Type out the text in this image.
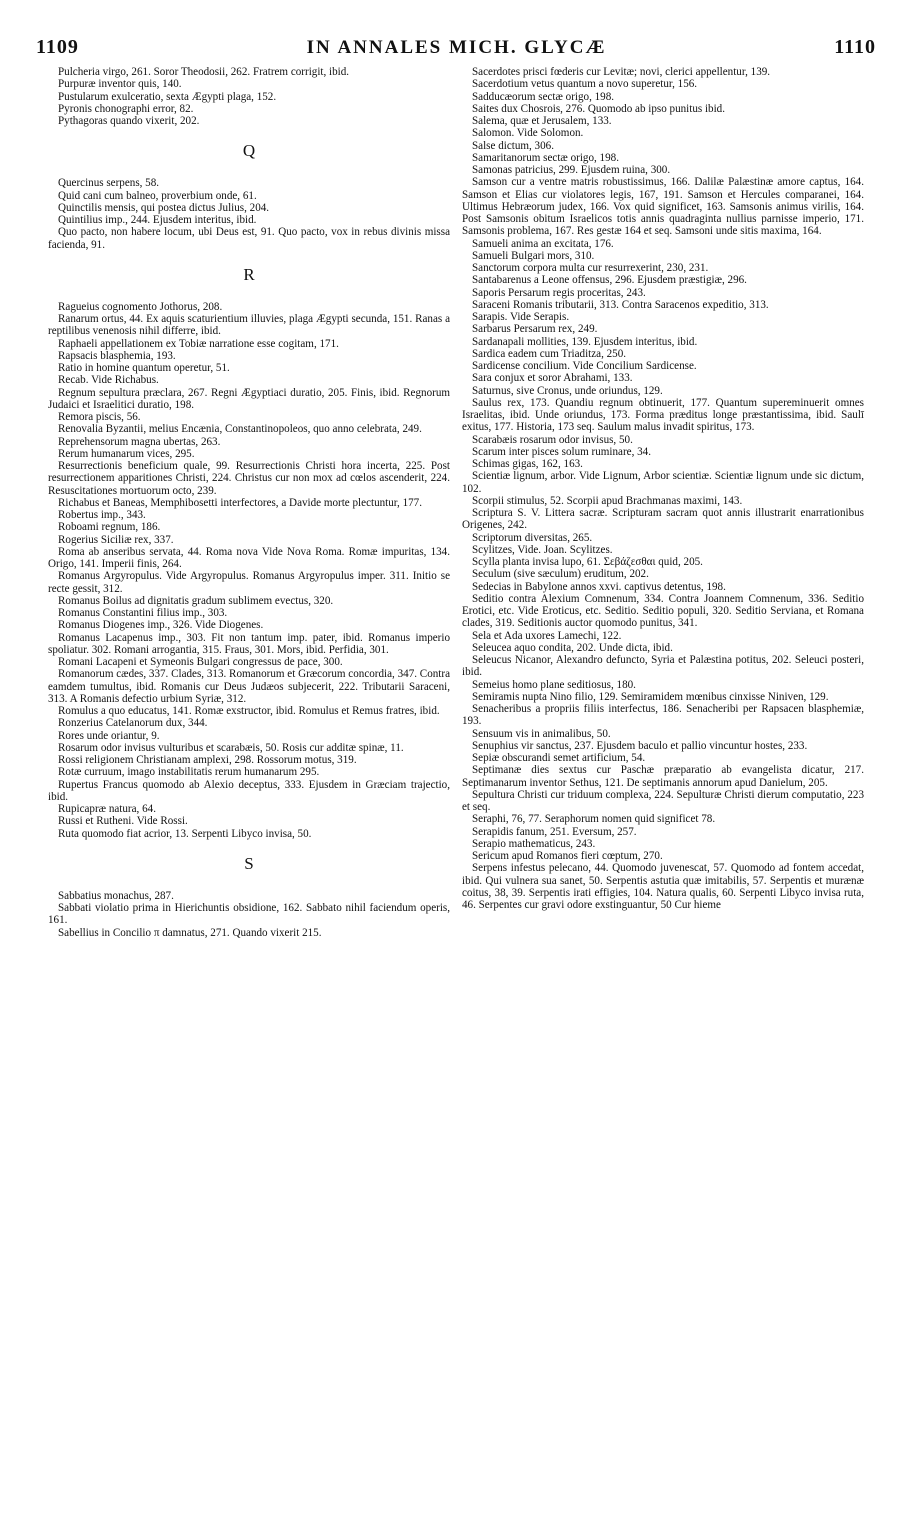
1109	IN ANNALES MICH. GLYCÆ	1110

Pulcheria virgo, 261. Soror Theodosii, 262. Fratrem corrigit, ibid.

Purpuræ inventor quis, 140.

Pustularum exulceratio, sexta Ægypti plaga, 152.

Pyronis chonographi error, 82.

Pythagoras quando vixerit, 202.

Q

Quercinus serpens, 58.

Quid cani cum balneo, proverbium onde, 61.

Quinctilis mensis, qui postea dictus Julius, 204.

Quintilius imp., 244. Ejusdem interitus, ibid.

Quo pacto, non habere locum, ubi Deus est, 91. Quo pacto, vox in rebus divinis missa facienda, 91.

R

Ragueius cognomento Jothorus, 208.

Ranarum ortus, 44. Ex aquis scaturientium illuvies, plaga Ægypti secunda, 151. Ranas a reptilibus venenosis nihil differre, ibid.

Raphaeli appellationem ex Tobiæ narratione esse cogitam, 171.

Rapsacis blasphemia, 193.

Ratio in homine quantum operetur, 51.

Recab. Vide Richabus.

Regnum sepultura præclara, 267. Regni Ægyptiaci duratio, 205. Finis, ibid. Regnorum Judaici et Israelitici duratio, 198.

Remora piscis, 56.

Renovalia Byzantii, melius Encænia, Constantinopoleos, quo anno celebrata, 249.

Reprehensorum magna ubertas, 263.

Rerum humanarum vices, 295.

Resurrectionis beneficium quale, 99. Resurrectionis Christi hora incerta, 225. Post resurrectionem apparitiones Christi, 224. Christus cur non mox ad cœlos ascenderit, 224. Resuscitationes mortuorum octo, 239.

Richabus et Baneas, Memphibosetti interfectores, a Davide morte plectuntur, 177.

Robertus imp., 343.

Roboami regnum, 186.

Rogerius Siciliæ rex, 337.

Roma ab anseribus servata, 44. Roma nova Vide Nova Roma. Romæ impuritas, 134. Origo, 141. Imperii finis, 264.

Romanus Argyropulus. Vide Argyropulus. Romanus Argyropulus imper. 311. Initio se recte gessit, 312.

Romanus Boilus ad dignitatis gradum sublimem evectus, 320.

Romanus Constantini filius imp., 303.

Romanus Diogenes imp., 326. Vide Diogenes.

Romanus Lacapenus imp., 303. Fit non tantum imp. pater, ibid. Romanus imperio spoliatur. 302. Romani arrogantia, 315. Fraus, 301. Mors, ibid. Perfidia, 301.

Romani Lacapeni et Symeonis Bulgari congressus de pace, 300.

Romanorum cædes, 337. Clades, 313. Romanorum et Græcorum concordia, 347. Contra eamdem tumultus, ibid. Romanis cur Deus Judæos subjecerit, 222. Tributarii Saraceni, 313. A Romanis defectio urbium Syriæ, 312.

Romulus a quo educatus, 141. Romæ exstructor, ibid. Romulus et Remus fratres, ibid.

Ronzerius Catelanorum dux, 344.

Rores unde oriantur, 9.

Rosarum odor invisus vulturibus et scarabæis, 50. Rosis cur additæ spinæ, 11.

Rossi religionem Christianam amplexi, 298. Rossorum motus, 319.

Rotæ curruum, imago instabilitatis rerum humanarum 295.

Rupertus Francus quomodo ab Alexio deceptus, 333. Ejusdem in Græciam trajectio, ibid.

Rupicapræ natura, 64.

Russi et Rutheni. Vide Rossi.

Ruta quomodo fiat acrior, 13. Serpenti Libyco invisa, 50.

S

Sabbatius monachus, 287.

Sabbati violatio prima in Hierichuntis obsidione, 162. Sabbato nihil faciendum operis, 161.

Sabellius in Concilio π damnatus, 271. Quando vixerit 215.

Sacerdotes prisci fœderis cur Levitæ; novi, clerici appellentur, 139.

Sacerdotium vetus quantum a novo superetur, 156.

Sadducæorum sectæ origo, 198.

Saites dux Chosrois, 276. Quomodo ab ipso punitus ibid.

Salema, quæ et Jerusalem, 133.

Salomon. Vide Solomon.

Salse dictum, 306.

Samaritanorum sectæ origo, 198.

Samonas patricius, 299. Ejusdem ruina, 300.

Samson cur a ventre matris robustissimus, 166. Dalilæ Palæstinæ amore captus, 164. Samson et Elias cur violatores legis, 167, 191. Samson et Hercules comparanei, 164. Ultimus Hebræorum judex, 166. Vox quid significet, 163. Samsonis animus virilis, 164. Post Samsonis obitum Israelicos totis annis quadraginta nullius parnisse imperio, 171. Samsonis problema, 167. Res gestæ 164 et seq. Samsoni unde sitis maxima, 164.

Samueli anima an excitata, 176.

Samueli Bulgari mors, 310.

Sanctorum corpora multa cur resurrexerint, 230, 231.

Santabarenus a Leone offensus, 296. Ejusdem præstigiæ, 296.

Saporis Persarum regis proceritas, 243.

Saraceni Romanis tributarii, 313. Contra Saracenos expeditio, 313.

Sarapis. Vide Serapis.

Sarbarus Persarum rex, 249.

Sardanapali mollities, 139. Ejusdem interitus, ibid.

Sardica eadem cum Triaditza, 250.

Sardicense concilium. Vide Concilium Sardicense.

Sara conjux et soror Abrahami, 133.

Saturnus, sive Cronus, unde oriundus, 129.

Saulus rex, 173. Quandiu regnum obtinuerit, 177. Quantum supereminuerit omnes Israelitas, ibid. Unde oriundus, 173. Forma præditus longe præstantissima, ibid. Saulī exitus, 177. Historia, 173 seq. Saulum malus invadit spiritus, 173.

Scarabæis rosarum odor invisus, 50.

Scarum inter pisces solum ruminare, 34.

Schimas gigas, 162, 163.

Scientiæ lignum, arbor. Vide Lignum, Arbor scientiæ. Scientiæ lignum unde sic dictum, 102.

Scorpii stimulus, 52. Scorpii apud Brachmanas maximi, 143.

Scriptura S. V. Littera sacræ. Scripturam sacram quot annis illustrarit enarrationibus Origenes, 242.

Scriptorum diversitas, 265.

Scylitzes, Vide. Joan. Scylitzes.

Scylla planta invisa lupo, 61. Σεβάζεσθαι quid, 205.

Seculum (sive sæculum) eruditum, 202.

Sedecias in Babylone annos xxvi. captivus detentus, 198.

Seditio contra Alexium Comnenum, 334. Contra Joannem Comnenum, 336. Seditio Erotici, etc. Vide Eroticus, etc. Seditio. Seditio populi, 320. Seditio Serviana, et Romana clades, 319. Seditionis auctor quomodo punitus, 341.

Sela et Ada uxores Lamechi, 122.

Seleucea aquo condita, 202. Unde dicta, ibid.

Seleucus Nicanor, Alexandro defuncto, Syria et Palæstina potitus, 202. Seleuci posteri, ibid.

Semeius homo plane seditiosus, 180.

Semiramis nupta Nino filio, 129. Semiramidem mœnibus cinxisse Niniven, 129.

Senacheribus a propriis filiis interfectus, 186. Senacheribi per Rapsacen blasphemiæ, 193.

Sensuum vis in animalibus, 50.

Senuphius vir sanctus, 237. Ejusdem baculo et pallio vincuntur hostes, 233.

Sepiæ obscurandi semet artificium, 54.

Septimanæ dies sextus cur Paschæ præparatio ab evangelista dicatur, 217. Septimanarum inventor Sethus, 121. De septimanis annorum apud Danielum, 205.

Sepultura Christi cur triduum complexa, 224. Sepulturæ Christi dierum computatio, 223 et seq.

Seraphi, 76, 77. Seraphorum nomen quid significet 78.

Serapidis fanum, 251. Eversum, 257.

Serapio mathematicus, 243.

Sericum apud Romanos fieri cœptum, 270.

Serpens infestus pelecano, 44. Quomodo juvenescat, 57. Quomodo ad fontem accedat, ibid. Qui vulnera sua sanet, 50. Serpentis astutia quæ imitabilis, 57. Serpentis et murænæ coitus, 38, 39. Serpentis irati effigies, 104. Natura qualis, 60. Serpenti Libyco invisa ruta, 46. Serpentes cur gravi odore exstinguantur, 50 Cur hieme
